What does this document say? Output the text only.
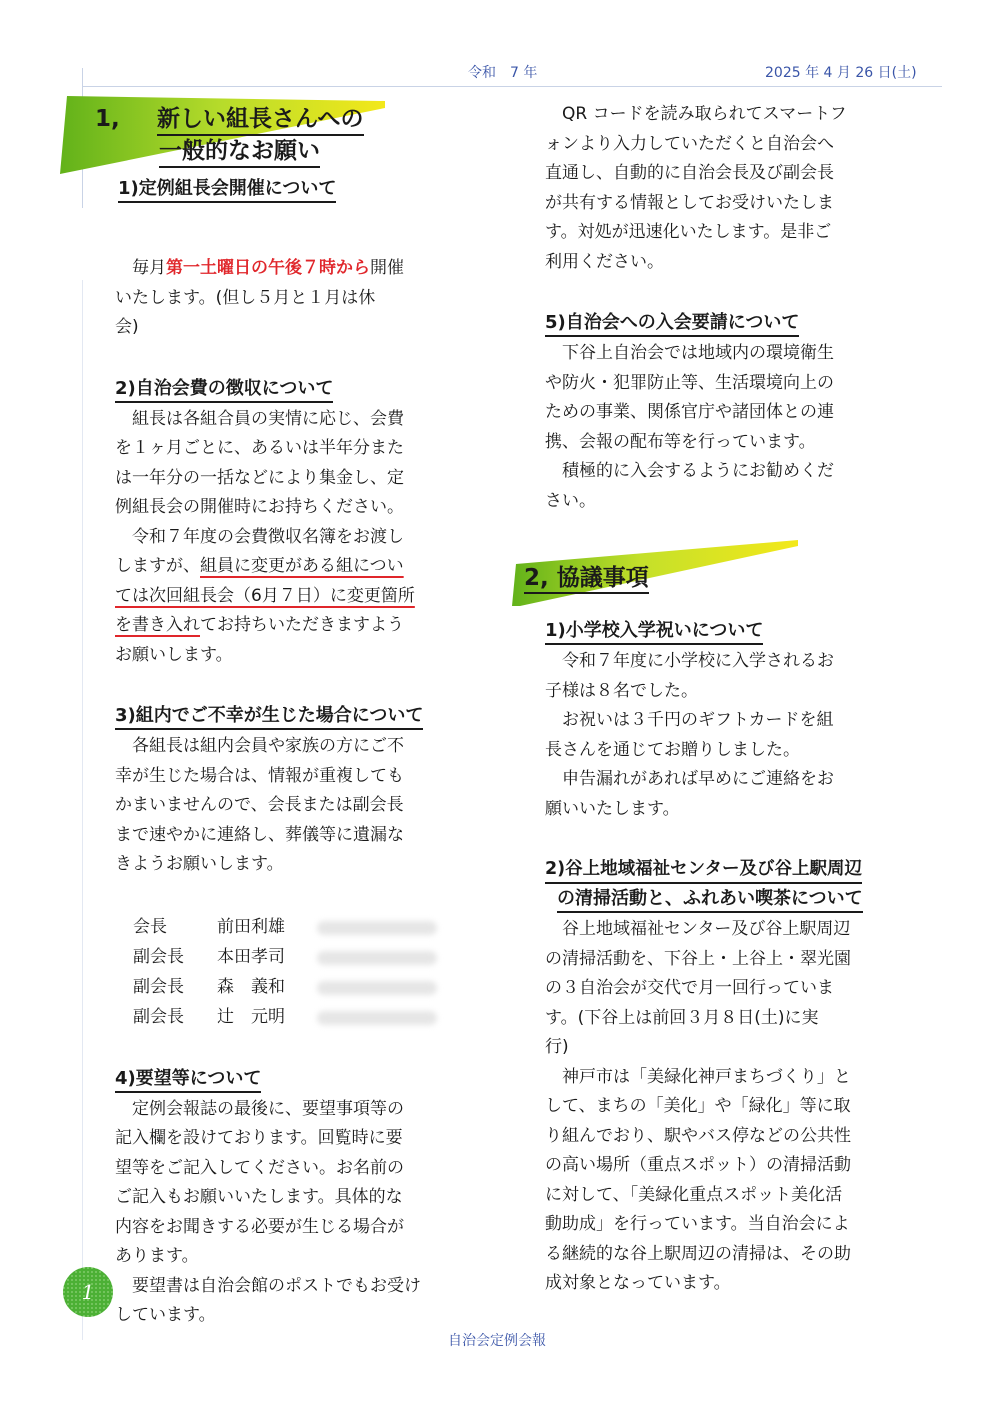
令和　7 年	2025 年 4 月 26 日(土)
1, 新しい組長さんへの
一般的なお願い
1)定例組長会開催について

毎月第一土曜日の午後７時から開催

いたします。(但し５月と１月は休

会)

2)自治会費の徴収について

組長は各組合員の実情に応じ、会費

を１ヶ月ごとに、あるいは半年分また

は一年分の一括などにより集金し、定

例組長会の開催時にお持ちください。

令和７年度の会費徴収名簿をお渡し

しますが、組員に変更がある組につい

ては次回組長会（6月７日）に変更箇所

を書き入れてお持ちいただきますよう

お願いします。

3)組内でご不幸が生じた場合について

各組長は組内会員や家族の方にご不

幸が生じた場合は、情報が重複しても

かまいませんので、会長または副会長

まで速やかに連絡し、葬儀等に遺漏な

きようお願いします。

会長	前田利雄
副会長	本田孝司
副会長	森　義和
副会長	辻　元明
4)要望等について

定例会報誌の最後に、要望事項等の

記入欄を設けております。回覧時に要

望等をご記入してください。お名前の

ご記入もお願いいたします。具体的な

内容をお聞きする必要が生じる場合が

あります。

要望書は自治会館のポストでもお受け

しています。

QR コードを読み取られてスマートフ

ォンより入力していただくと自治会へ

直通し、自動的に自治会長及び副会長

が共有する情報としてお受けいたしま

す。対処が迅速化いたします。是非ご

利用ください。

5)自治会への入会要請について

下谷上自治会では地域内の環境衛生

や防火・犯罪防止等、生活環境向上の

ための事業、関係官庁や諸団体との連

携、会報の配布等を行っています。

積極的に入会するようにお勧めくだ

さい。

1)小学校入学祝いについて

令和７年度に小学校に入学されるお

子様は８名でした。

お祝いは３千円のギフトカードを組

長さんを通じてお贈りしました。

申告漏れがあれば早めにご連絡をお

願いいたします。

2)谷上地域福祉センター及び谷上駅周辺
の清掃活動と、ふれあい喫茶について

谷上地域福祉センター及び谷上駅周辺

の清掃活動を、下谷上・上谷上・翠光園

の３自治会が交代で月一回行っていま

す。(下谷上は前回３月８日(土)に実

行)

神戸市は「美緑化神戸まちづくり」と

して、まちの「美化」や「緑化」等に取

り組んでおり、駅やバス停などの公共性

の高い場所（重点スポット）の清掃活動

に対して、「美緑化重点スポット美化活

動助成」を行っています。当自治会によ

る継続的な谷上駅周辺の清掃は、その助

成対象となっています。

2, 協議事項
1
自治会定例会報
